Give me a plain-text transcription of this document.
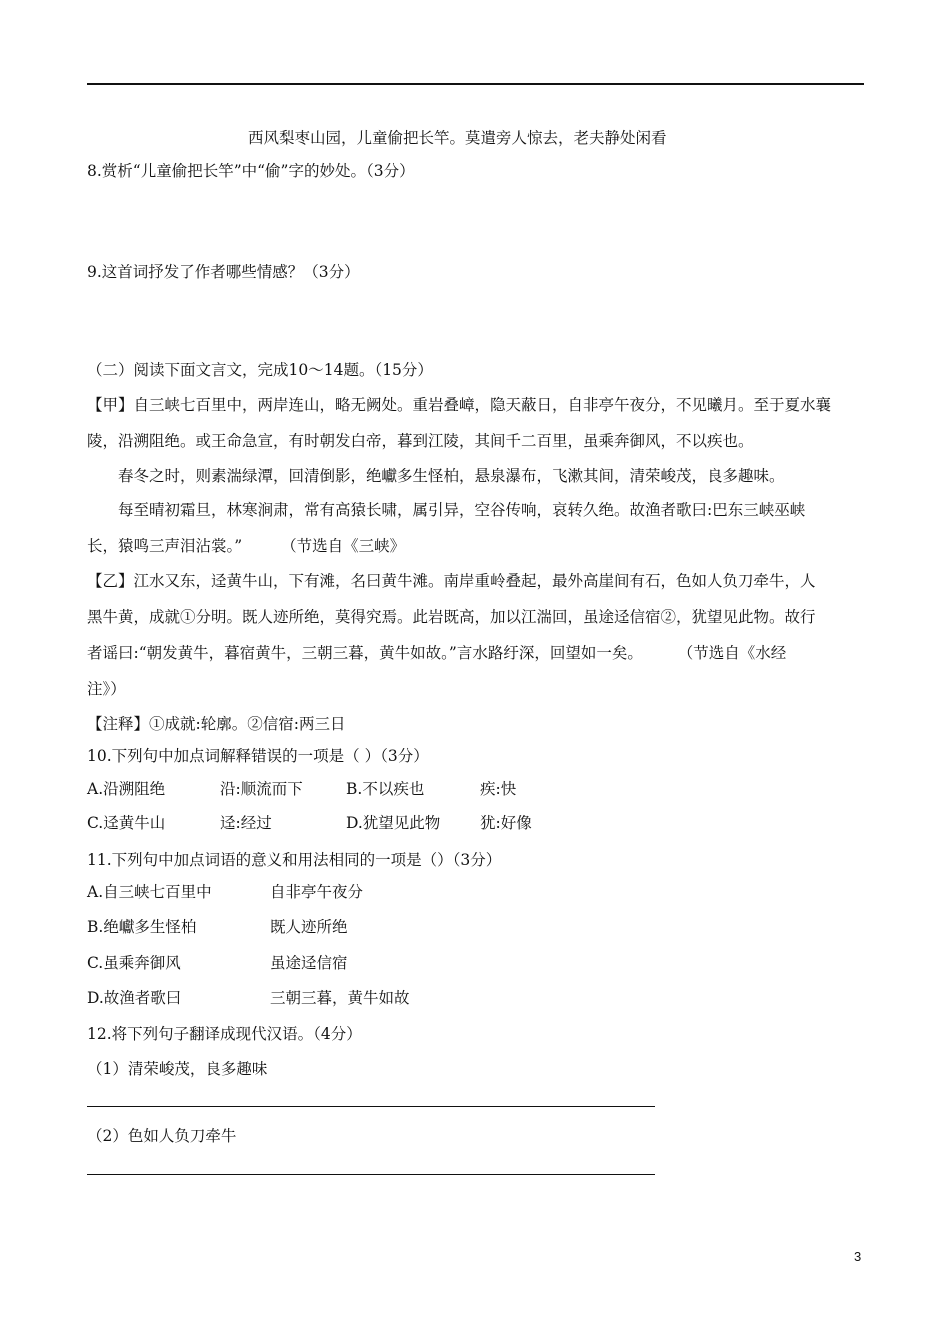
西风梨枣山园，儿童偷把长竿。莫遣旁人惊去，老夫静处闲看
8.赏析“儿童偷把长竿”中“偷”字的妙处。（3分）
9.这首词抒发了作者哪些情感？（3分）
（二）阅读下面文言文，完成10～14题。（15分）
【甲】自三峡七百里中，两岸连山，略无阙处。重岩叠嶂，隐天蔽日，自非亭午夜分，不见曦月。至于夏水襄
陵，沿溯阻绝。或王命急宣，有时朝发白帝，暮到江陵，其间千二百里，虽乘奔御风，不以疾也。
春冬之时，则素湍绿潭，回清倒影，绝巘多生怪柏，悬泉瀑布，飞漱其间，清荣峻茂，良多趣味。
每至晴初霜旦，林寒涧肃，常有高猿长啸，属引异，空谷传响，哀转久绝。故渔者歌曰:巴东三峡巫峡
长，猿鸣三声泪沾裳。”	（节选自《三峡》
【乙】江水又东，迳黄牛山，下有滩，名曰黄牛滩。南岸重岭叠起，最外高崖间有石，色如人负刀牵牛，人
黑牛黄，成就①分明。既人迹所绝，莫得究焉。此岩既高，加以江湍回，虽途迳信宿②，犹望见此物。故行
者谣曰:“朝发黄牛，暮宿黄牛，三朝三暮，黄牛如故。”言水路纡深，回望如一矣。 （节选自《水经
注》）
【注释】①成就:轮廓。②信宿:两三日
10.下列句中加点词解释错误的一项是（ ）（3分）
A.沿溯阻绝	沿:顺流而下	B.不以疾也	疾:快
C.迳黄牛山	迳:经过	D.犹望见此物	犹:好像
11.下列句中加点词语的意义和用法相同的一项是（）（3分）
A.自三峡七百里中	自非亭午夜分
B.绝巘多生怪柏	既人迹所绝
C.虽乘奔御风	虽途迳信宿
D.故渔者歌曰	三朝三暮，黄牛如故
12.将下列句子翻译成现代汉语。（4分）
（1）清荣峻茂，良多趣味
（2）色如人负刀牵牛
3
